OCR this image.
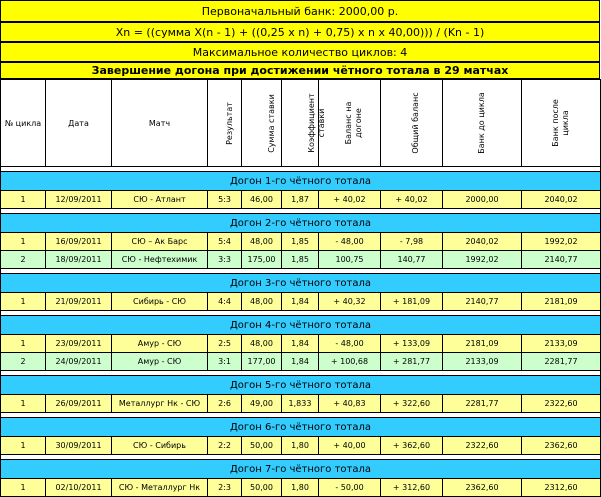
Первоначальный банк: 2000,00 р.
Xn = ((сумма X(n - 1) + ((0,25 x n) + 0,75) x n x 40,00))) / (Kn - 1)
Максимальное количество циклов: 4
Завершение догона при достижении чётного тотала в 29 матчах
№ цикла	Дата	Матч	Результат	Сумма ставки	Коэффициент ставки	Баланс на догоне	Общий баланс	Банк до цикла	Банк после цикла

Догон 1-го чётного тотала									
1	12/09/2011	СЮ - Атлант	5:3	46,00	1,87	+ 40,02	+ 40,02	2000,00	2040,02

Догон 2-го чётного тотала									
1	16/09/2011	СЮ – Ак Барс	5:4	48,00	1,85	- 48,00	- 7,98	2040,02	1992,02
2	18/09/2011	СЮ - Нефтехимик	3:3	175,00	1,85	100,75	140,77	1992,02	2140,77

Догон 3-го чётного тотала									
1	21/09/2011	Сибирь - СЮ	4:4	48,00	1,84	+ 40,32	+ 181,09	2140,77	2181,09

Догон 4-го чётного тотала									
1	23/09/2011	Амур - СЮ	2:5	48,00	1,84	- 48,00	+ 133,09	2181,09	2133,09
2	24/09/2011	Амур - СЮ	3:1	177,00	1,84	+ 100,68	+ 281,77	2133,09	2281,77

Догон 5-го чётного тотала									
1	26/09/2011	Металлург Нк - СЮ	2:6	49,00	1,833	+ 40,83	+ 322,60	2281,77	2322,60

Догон 6-го чётного тотала									
1	30/09/2011	СЮ - Сибирь	2:2	50,00	1,80	+ 40,00	+ 362,60	2322,60	2362,60

Догон 7-го чётного тотала									
1	02/10/2011	СЮ - Металлург Нк	2:3	50,00	1,80	- 50,00	+ 312,60	2362,60	2312,60
